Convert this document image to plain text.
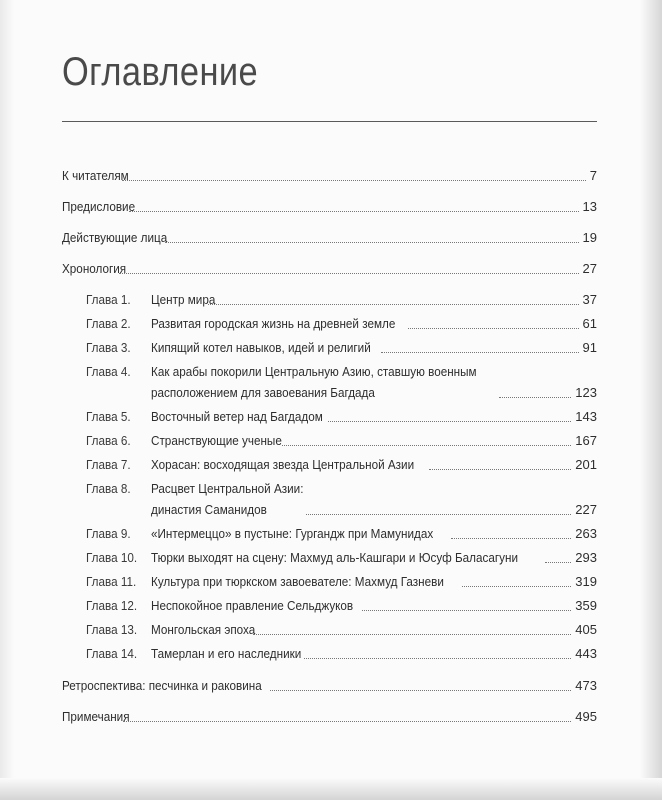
Оглавление
К читателям	7
Предисловие	13
Действующие лица	19
Хронология	27
Глава 1.	Центр мира	37
Глава 2.	Развитая городская жизнь на древней земле	61
Глава 3.	Кипящий котел навыков, идей и религий	91
Глава 4.	Как арабы покорили Центральную Азию, ставшую военным
расположением для завоевания Багдада	123
Глава 5.	Восточный ветер над Багдадом	143
Глава 6.	Странствующие ученые	167
Глава 7.	Хорасан: восходящая звезда Центральной Азии	201
Глава 8.	Расцвет Центральной Азии:
династия Саманидов	227
Глава 9.	«Интермеццо» в пустыне: Гургандж при Мамунидах	263
Глава 10.	Тюрки выходят на сцену: Махмуд аль-Кашгари и Юсуф Баласагуни	293
Глава 11.	Культура при тюркском завоевателе: Махмуд Газневи	319
Глава 12.	Неспокойное правление Сельджуков	359
Глава 13.	Монгольская эпоха	405
Глава 14.	Тамерлан и его наследники	443
Ретроспектива: песчинка и раковина	473
Примечания	495
